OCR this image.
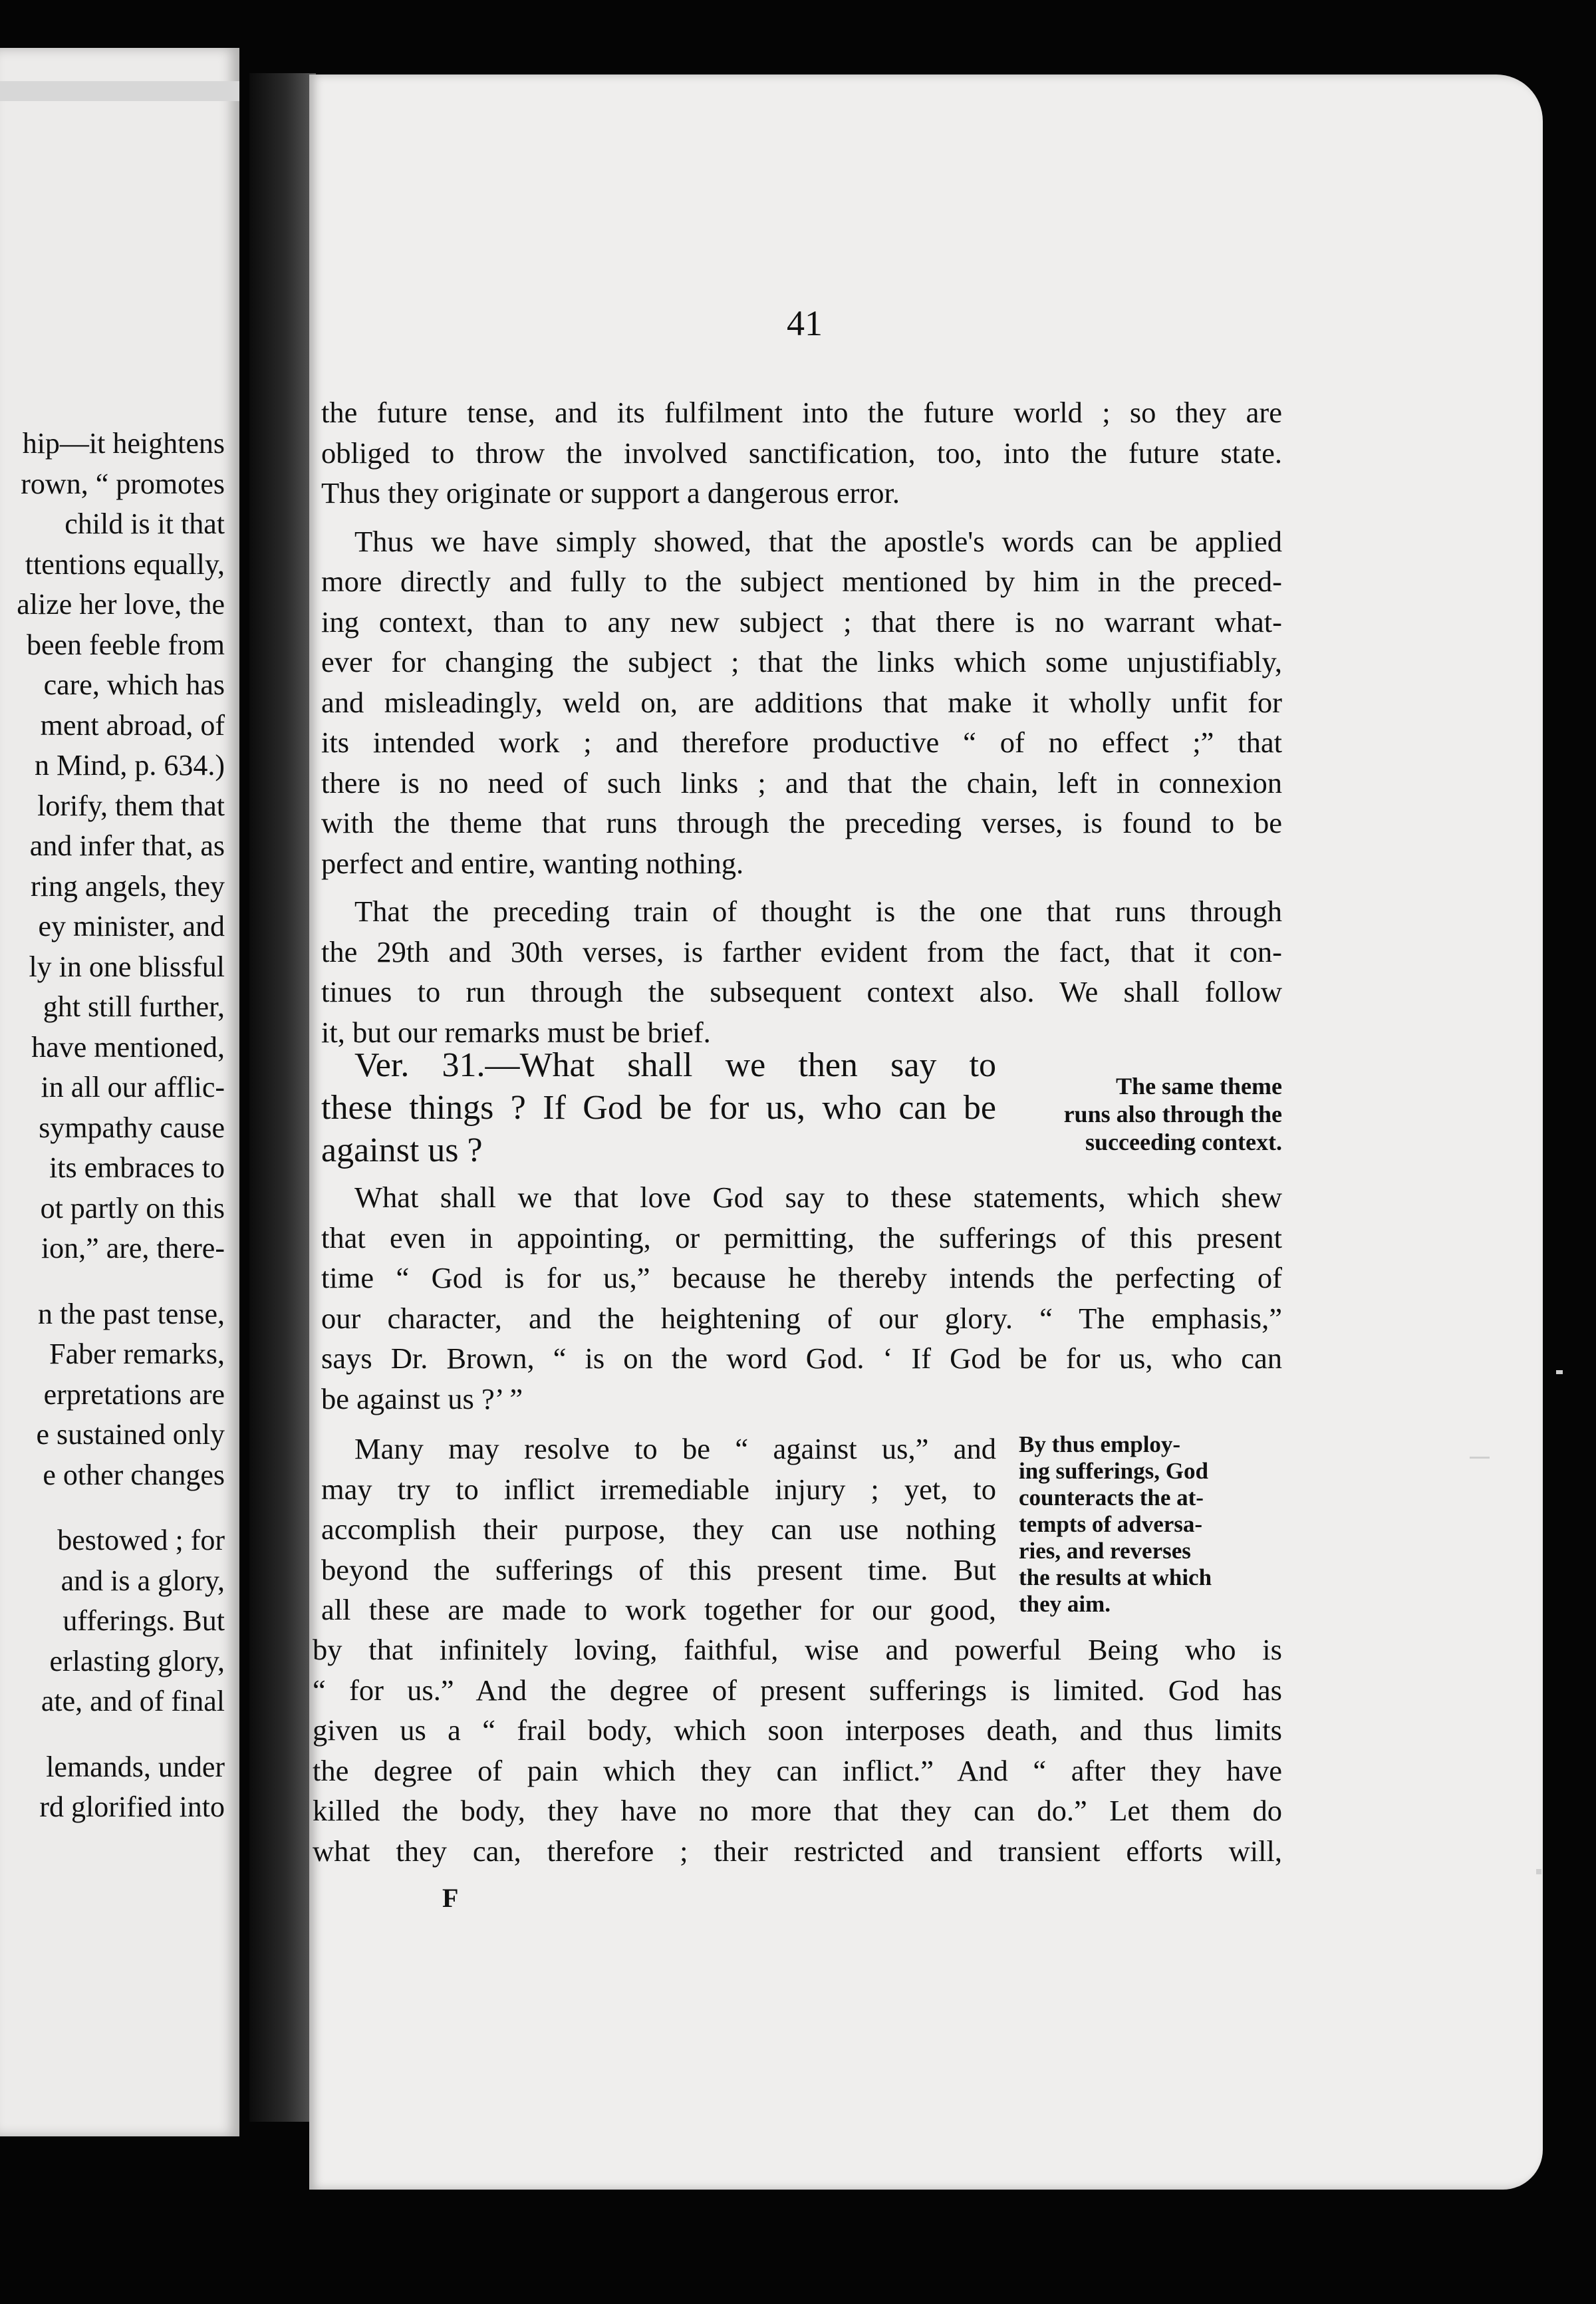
hip—it heightens
rown, “ promotes
child is it that
ttentions equally,
alize her love, the
been feeble from
care, which has
ment abroad, of
n Mind, p. 634.)
lorify, them that
and infer that, as
ring angels, they
ey minister, and
ly in one blissful
ght still further,
have mentioned,
in all our afflic-
sympathy cause
its embraces to
ot partly on this
ion,” are, there-
n the past tense,
Faber remarks,
erpretations are
e sustained only
e other changes
bestowed ; for
and is a glory,
ufferings. But
erlasting glory,
ate, and of final
lemands, under
rd glorified into
41

the future tense, and its fulfilment into the future world ; so they are

obliged to throw the involved sanctification, too, into the future state.

Thus they originate or support a dangerous error.

Thus we have simply showed, that the apostle's words can be applied

more directly and fully to the subject mentioned by him in the preced-

ing context, than to any new subject ; that there is no warrant what-

ever for changing the subject ; that the links which some unjustifiably,

and misleadingly, weld on, are additions that make it wholly unfit for

its intended work ; and therefore productive “ of no effect ;” that

there is no need of such links ; and that the chain, left in connexion

with the theme that runs through the preceding verses, is found to be

perfect and entire, wanting nothing.

That the preceding train of thought is the one that runs through

the 29th and 30th verses, is farther evident from the fact, that it con-

tinues to run through the subsequent context also. We shall follow

it, but our remarks must be brief.

Ver. 31.—What shall we then say to

these things ? If God be for us, who can be

against us ?

The same theme
runs also through the
succeeding context.

What shall we that love God say to these statements, which shew

that even in appointing, or permitting, the sufferings of this present

time “ God is for us,” because he thereby intends the perfecting of

our character, and the heightening of our glory. “ The emphasis,”

says Dr. Brown, “ is on the word God. ‘ If God be for us, who can

be against us ?’ ”

Many may resolve to be “ against us,” and

may try to inflict irremediable injury ; yet, to

accomplish their purpose, they can use nothing

beyond the sufferings of this present time. But

all these are made to work together for our good,

By thus employ-
ing sufferings, God
counteracts the at-
tempts of adversa-
ries, and reverses
the results at which
they aim.

by that infinitely loving, faithful, wise and powerful Being who is

“ for us.” And the degree of present sufferings is limited. God has

given us a “ frail body, which soon interposes death, and thus limits

the degree of pain which they can inflict.” And “ after they have

killed the body, they have no more that they can do.” Let them do

what they can, therefore ; their restricted and transient efforts will,

F
